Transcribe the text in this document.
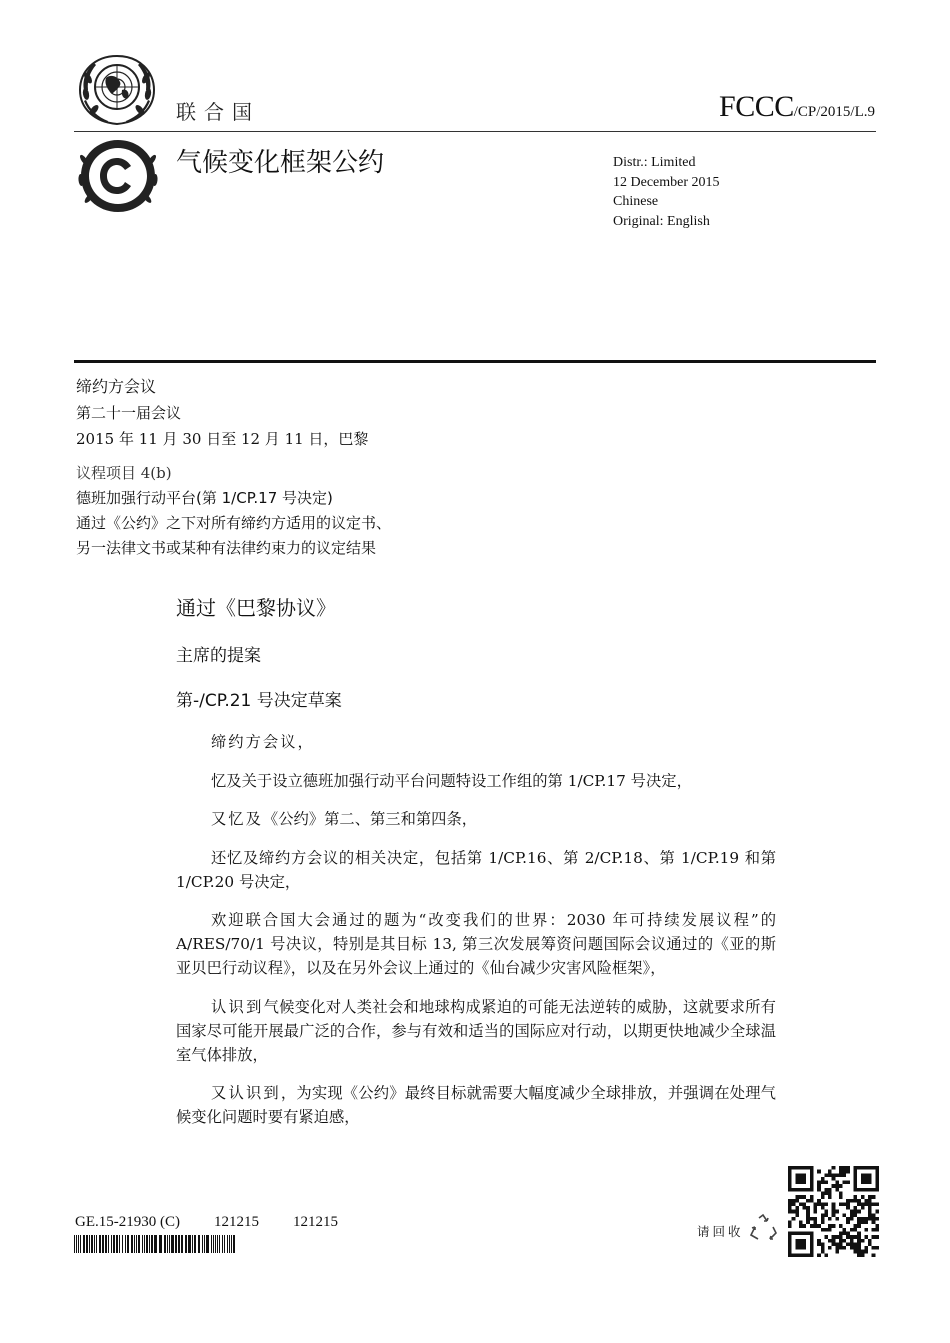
联合国	FCCC/CP/2015/L.9
气候变化框架公约	Distr.: Limited
12 December 2015
Chinese
Original: English
缔约方会议
第二十一届会议
2015 年 11 月 30 日至 12 月 11 日，巴黎
议程项目 4(b)
德班加强行动平台(第 1/CP.17 号决定)
通过《公约》之下对所有缔约方适用的议定书、
另一法律文书或某种有法律约束力的议定结果
通过《巴黎协议》
主席的提案
第-/CP.21 号决定草案

缔约方会议，

忆及关于设立德班加强行动平台问题特设工作组的第 1/CP.17 号决定，

又忆及《公约》第二、第三和第四条，

还忆及缔约方会议的相关决定，包括第 1/CP.16、第 2/CP.18、第 1/CP.19 和第 1/CP.20 号决定，

欢迎联合国大会通过的题为“改变我们的世界：2030 年可持续发展议程”的 A/RES/70/1 号决议，特别是其目标 13, 第三次发展筹资问题国际会议通过的《亚的斯亚贝巴行动议程》，以及在另外会议上通过的《仙台减少灾害风险框架》，

认识到气候变化对人类社会和地球构成紧迫的可能无法逆转的威胁，这就要求所有国家尽可能开展最广泛的合作，参与有效和适当的国际应对行动，以期更快地减少全球温室气体排放，

又认识到，为实现《公约》最终目标就需要大幅度减少全球排放，并强调在处理气候变化问题时要有紧迫感，

GE.15-21930 (C) 121215 121215
请回收
